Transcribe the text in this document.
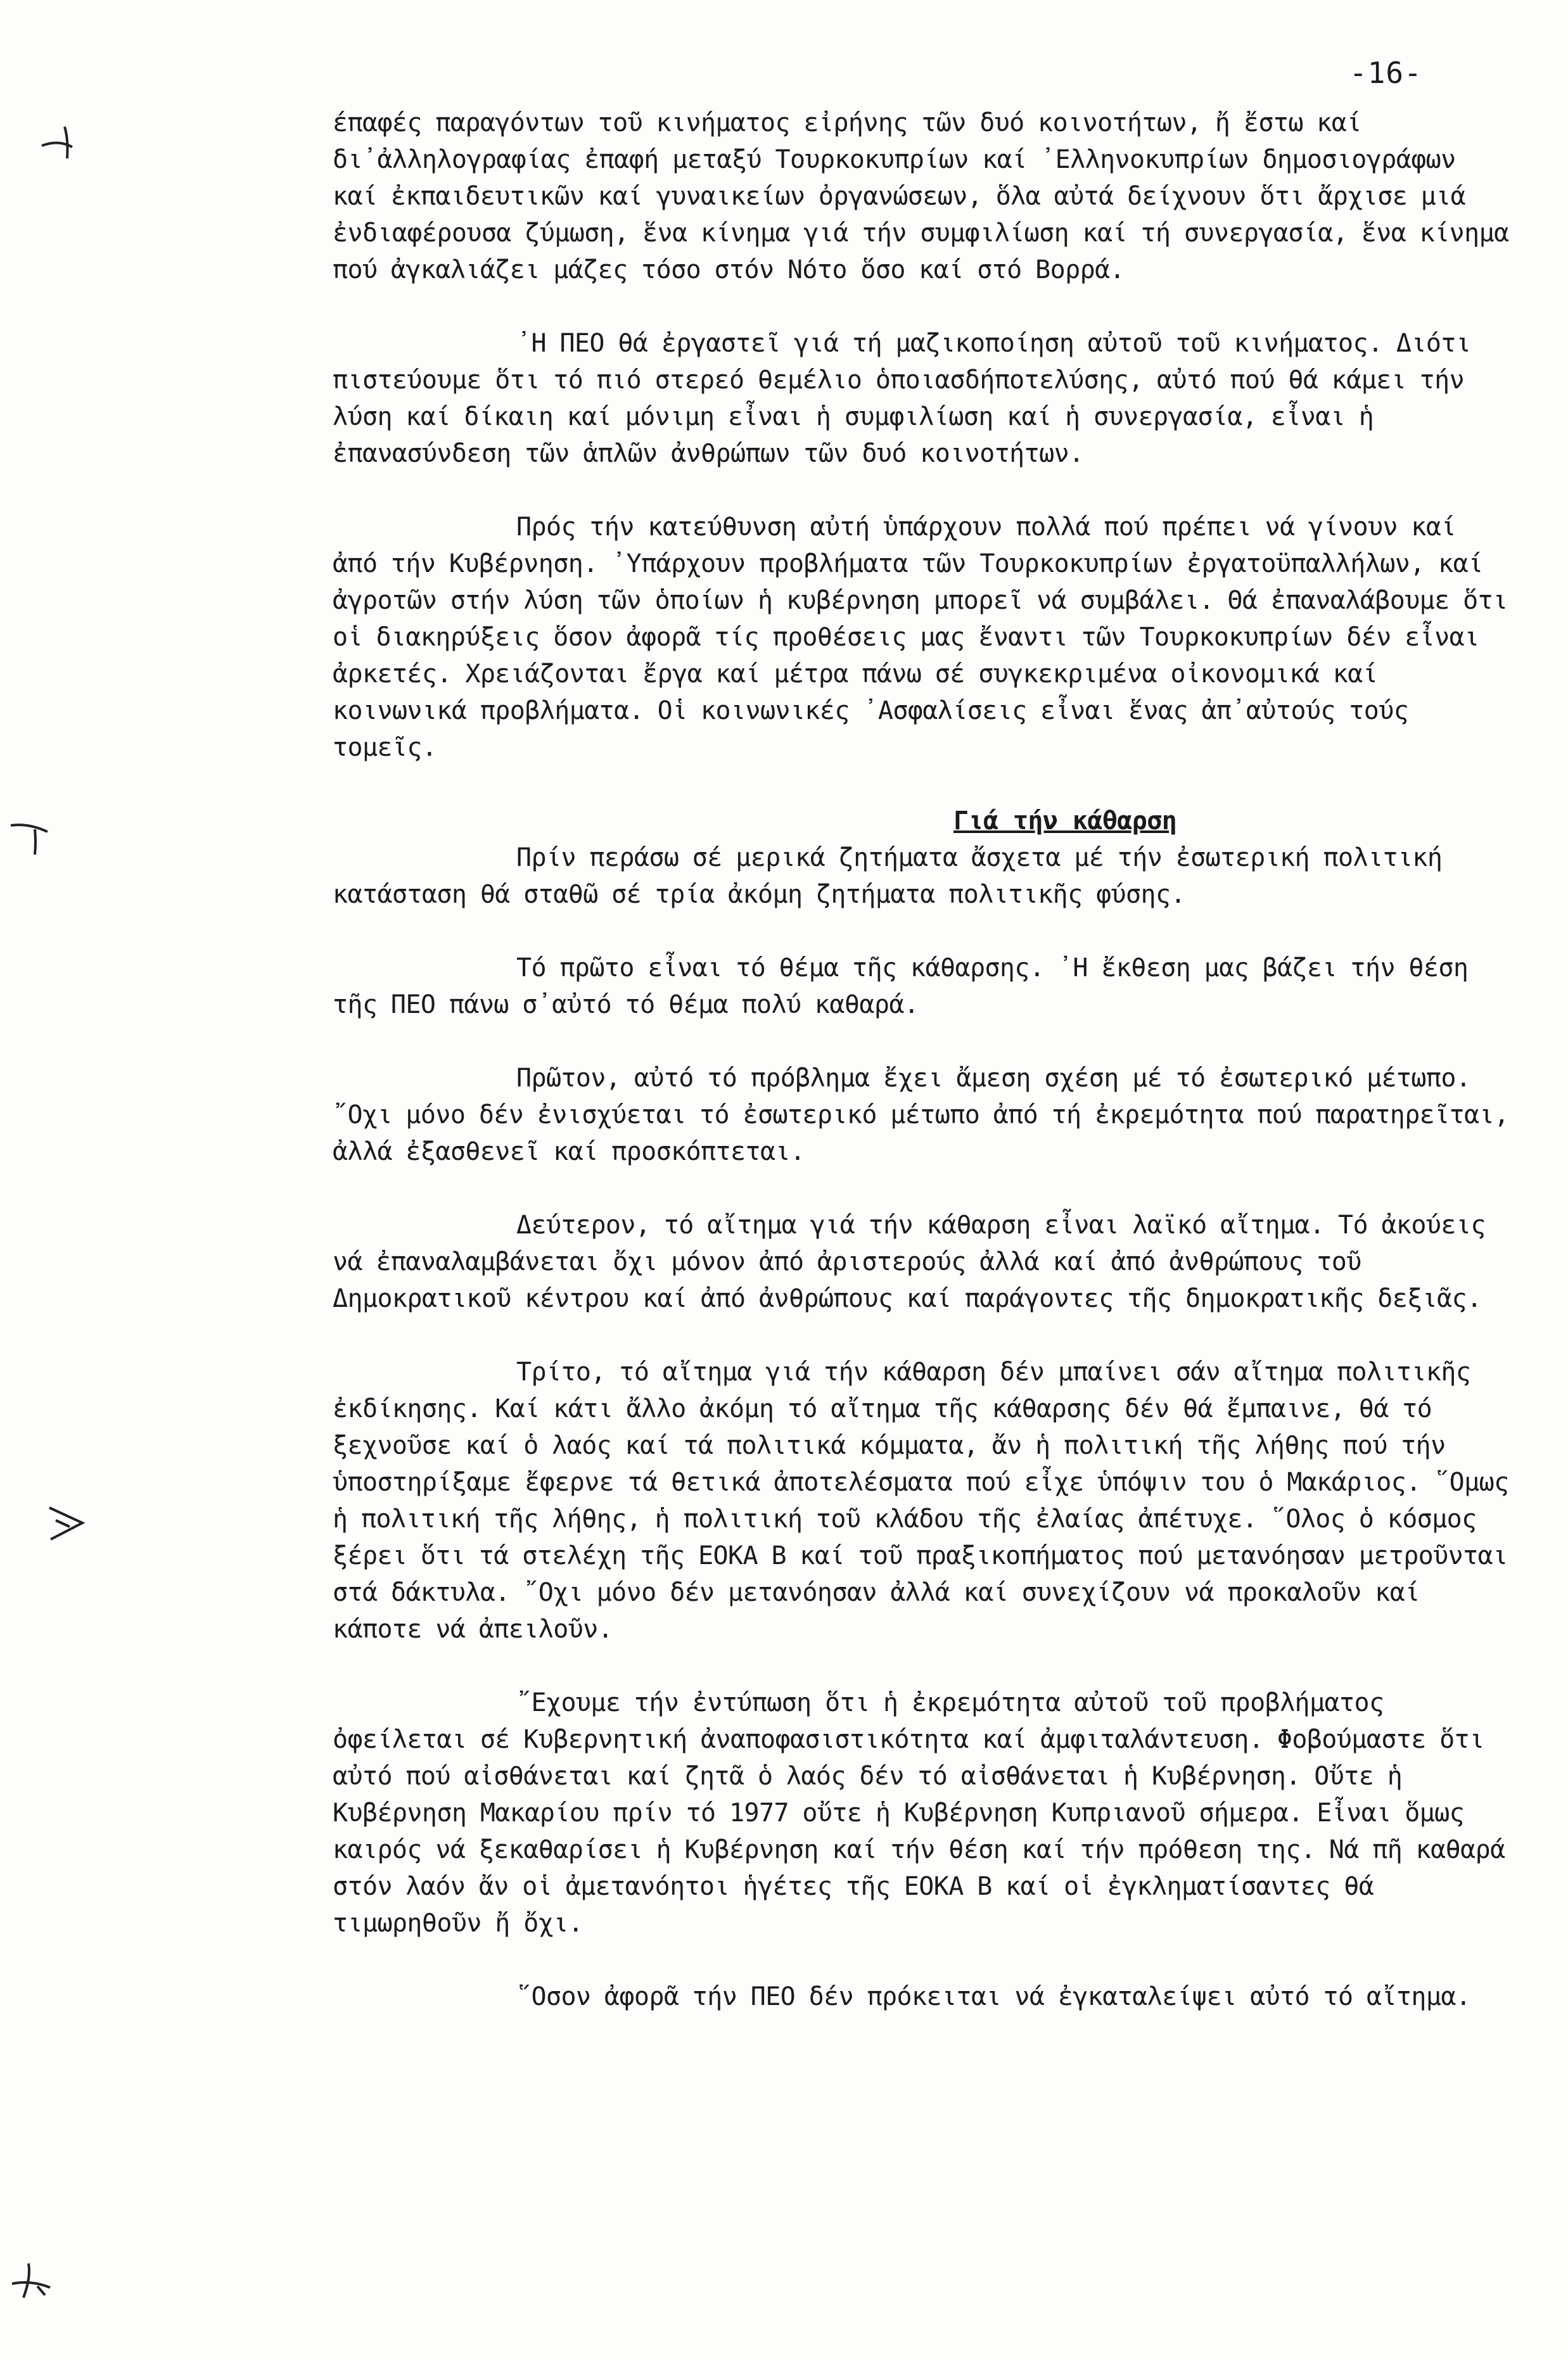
-16-

έπαφές παραγόντων τοῦ κινήματος εἰρήνης τῶν δυό κοινοτήτων, ἤ ἔστω καί δι᾿ἀλληλογραφίας ἐπαφή μεταξύ Τουρκοκυπρίων καί ᾿Ελληνοκυπρίων δημοσιογράφων καί ἐκπαιδευτικῶν καί γυναικείων ὀργανώσεων, ὅλα αὐτά δείχνουν ὅτι ἄρχισε μιά ἐνδιαφέρουσα ζύμωση, ἕνα κίνημα γιά τήν συμφιλίωση καί τή συνεργασία, ἕνα κίνημα πού ἀγκαλιάζει μάζες τόσο στόν Νότο ὅσο καί στό Βορρά.

᾿Η ΠΕΟ θά ἐργαστεῖ γιά τή μαζικοποίηση αὐτοῦ τοῦ κινήματος. Διότι πιστεύουμε ὅτι τό πιό στερεό θεμέλιο ὁποιασδήποτελύσης, αὐτό πού θά κάμει τήν λύση καί δίκαιη καί μόνιμη εἶναι ἡ συμφιλίωση καί ἡ συνεργασία, εἶναι ἡ ἐπανασύνδεση τῶν ἁπλῶν ἀνθρώπων τῶν δυό κοινοτήτων.

Πρός τήν κατεύθυνση αὐτή ὑπάρχουν πολλά πού πρέπει νά γίνουν καί ἀπό τήν Κυβέρνηση. ᾿Υπάρχουν προβλήματα τῶν Τουρκοκυπρίων ἐργατοϋπαλλήλων, καί ἀγροτῶν στήν λύση τῶν ὁποίων ἡ κυβέρνηση μπορεῖ νά συμβάλει. Θά ἐπαναλάβουμε ὅτι οἱ διακηρύξεις ὅσον ἀφορᾶ τίς προθέσεις μας ἔναντι τῶν Τουρκοκυπρίων δέν εἶναι ἀρκετές. Χρειάζονται ἔργα καί μέτρα πάνω σέ συγκεκριμένα οἰκονομικά καί κοινωνικά προβλήματα. Οἱ κοινωνικές ᾿Ασφαλίσεις εἶναι ἕνας ἀπ᾿αὐτούς τούς τομεῖς.

Γιά τήν κάθαρση

Πρίν περάσω σέ μερικά ζητήματα ἄσχετα μέ τήν ἐσωτερική πολιτική κατάσταση θά σταθῶ σέ τρία ἀκόμη ζητήματα πολιτικῆς φύσης.

Τό πρῶτο εἶναι τό θέμα τῆς κάθαρσης. ᾿Η ἔκθεση μας βάζει τήν θέση τῆς ΠΕΟ πάνω σ᾿αὐτό τό θέμα πολύ καθαρά.

Πρῶτον, αὐτό τό πρόβλημα ἔχει ἄμεση σχέση μέ τό ἐσωτερικό μέτωπο. ῎Οχι μόνο δέν ἐνισχύεται τό ἐσωτερικό μέτωπο ἀπό τή ἐκρεμότητα πού παρατηρεῖται, ἀλλά ἐξασθενεῖ καί προσκόπτεται.

Δεύτερον, τό αἴτημα γιά τήν κάθαρση εἶναι λαϊκό αἴτημα. Τό ἀκούεις νά ἐπαναλαμβάνεται ὄχι μόνον ἀπό ἀριστερούς ἀλλά καί ἀπό ἀνθρώπους τοῦ Δημοκρατικοῦ κέντρου καί ἀπό ἀνθρώπους καί παράγοντες τῆς δημοκρατικῆς δεξιᾶς.

Τρίτο, τό αἴτημα γιά τήν κάθαρση δέν μπαίνει σάν αἴτημα πολιτικῆς ἐκδίκησης. Καί κάτι ἄλλο ἀκόμη τό αἴτημα τῆς κάθαρσης δέν θά ἔμπαινε, θά τό ξεχνοῦσε καί ὁ λαός καί τά πολιτικά κόμματα, ἄν ἡ πολιτική τῆς λήθης πού τήν ὑποστηρίξαμε ἔφερνε τά θετικά ἀποτελέσματα πού εἶχε ὑπόψιν του ὁ Μακάριος. ῞Ομως ἡ πολιτική τῆς λήθης, ἡ πολιτική τοῦ κλάδου τῆς ἐλαίας ἀπέτυχε. ῞Ολος ὁ κόσμος ξέρει ὅτι τά στελέχη τῆς ΕΟΚΑ Β καί τοῦ πραξικοπήματος πού μετανόησαν μετροῦνται στά δάκτυλα. ῎Οχι μόνο δέν μετανόησαν ἀλλά καί συνεχίζουν νά προκαλοῦν καί κάποτε νά ἀπειλοῦν.

῎Εχουμε τήν ἐντύπωση ὅτι ἡ ἐκρεμότητα αὐτοῦ τοῦ προβλήματος ὀφείλεται σέ Κυβερνητική ἀναποφασιστικότητα καί ἀμφιταλάντευση. Φοβούμαστε ὅτι αὐτό πού αἰσθάνεται καί ζητᾶ ὁ λαός δέν τό αἰσθάνεται ἡ Κυβέρνηση. Οὔτε ἡ Κυβέρνηση Μακαρίου πρίν τό 1977 οὔτε ἡ Κυβέρνηση Κυπριανοῦ σήμερα. Εἶναι ὅμως καιρός νά ξεκαθαρίσει ἡ Κυβέρνηση καί τήν θέση καί τήν πρόθεση της. Νά πῆ καθαρά στόν λαόν ἄν οἱ ἀμετανόητοι ἡγέτες τῆς ΕΟΚΑ Β καί οἱ ἐγκληματίσαντες θά τιμωρηθοῦν ἤ ὄχι.

῞Οσον ἀφορᾶ τήν ΠΕΟ δέν πρόκειται νά ἐγκαταλείψει αὐτό τό αἴτημα.
